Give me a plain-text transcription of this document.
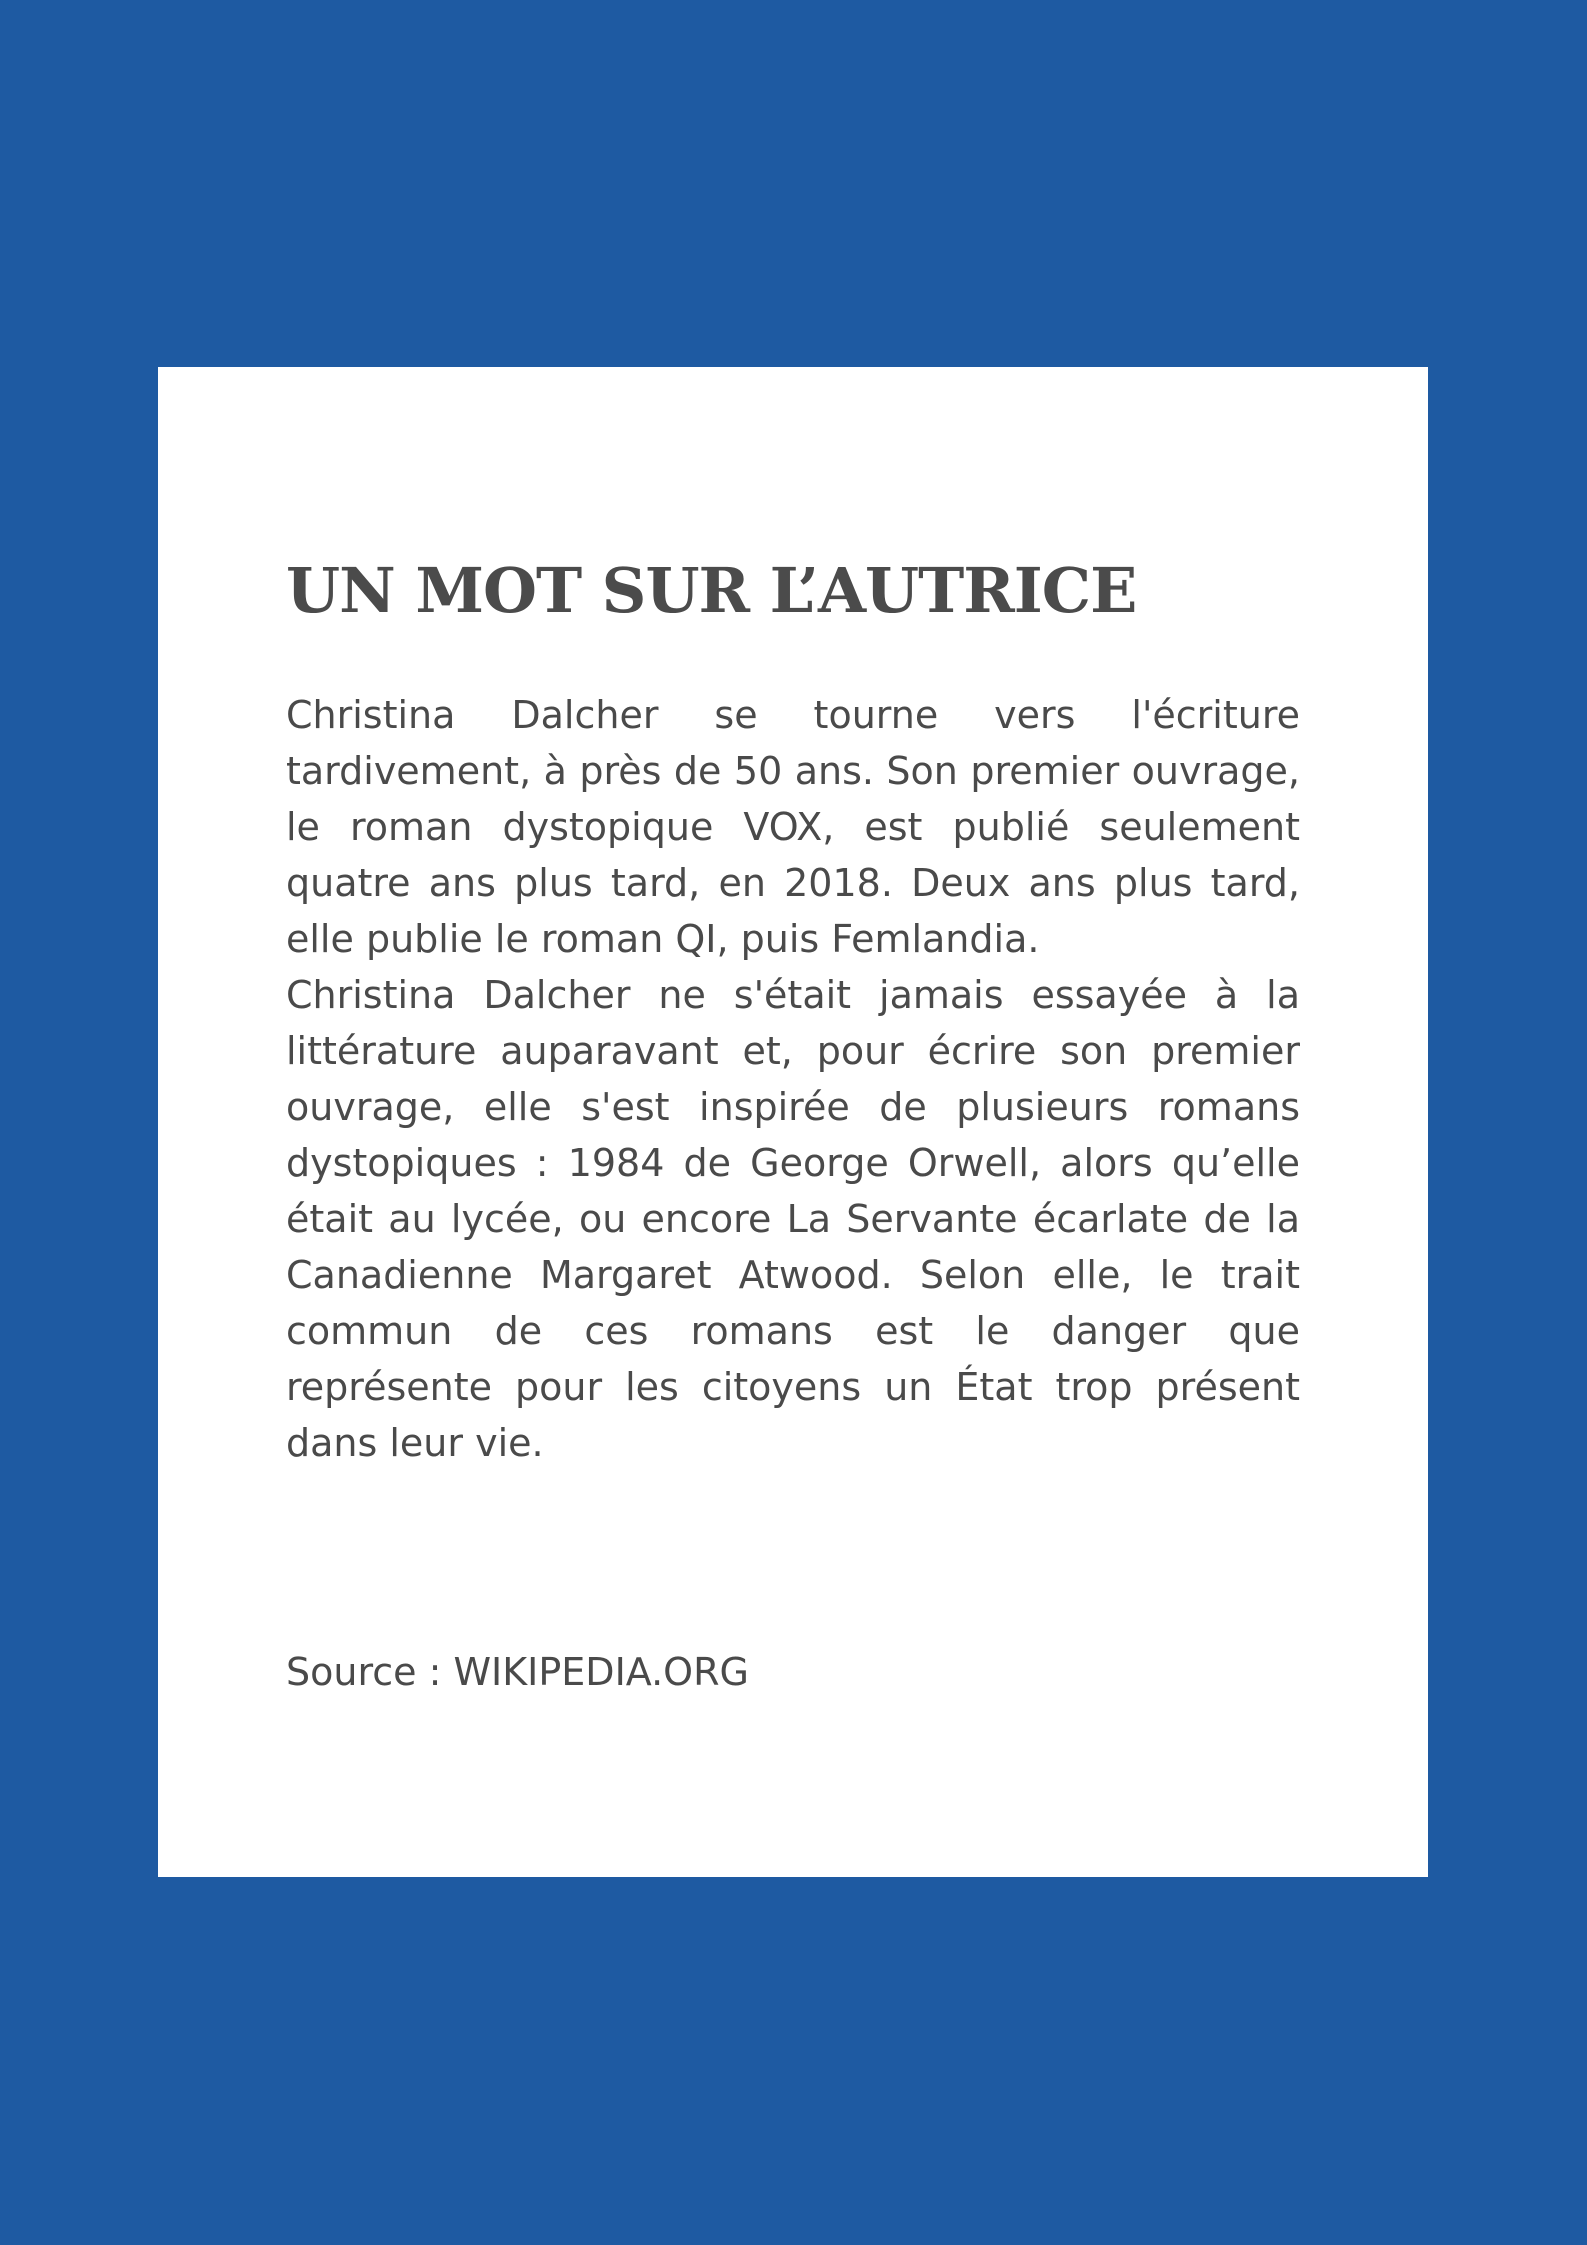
UN MOT SUR L’AUTRICE

Christina Dalcher se tourne vers l'écriture tardivement, à près de 50 ans. Son premier ouvrage, le roman dystopique VOX, est publié seulement quatre ans plus tard, en 2018. Deux ans plus tard, elle publie le roman QI, puis Femlandia.

Christina Dalcher ne s'était jamais essayée à la littérature auparavant et, pour écrire son premier ouvrage, elle s'est inspirée de plusieurs romans dystopiques : 1984 de George Orwell, alors qu’elle était au lycée, ou encore La Servante écarlate de la Canadienne Margaret Atwood. Selon elle, le trait commun de ces romans est le danger que représente pour les citoyens un État trop présent dans leur vie.

Source : WIKIPEDIA.ORG
